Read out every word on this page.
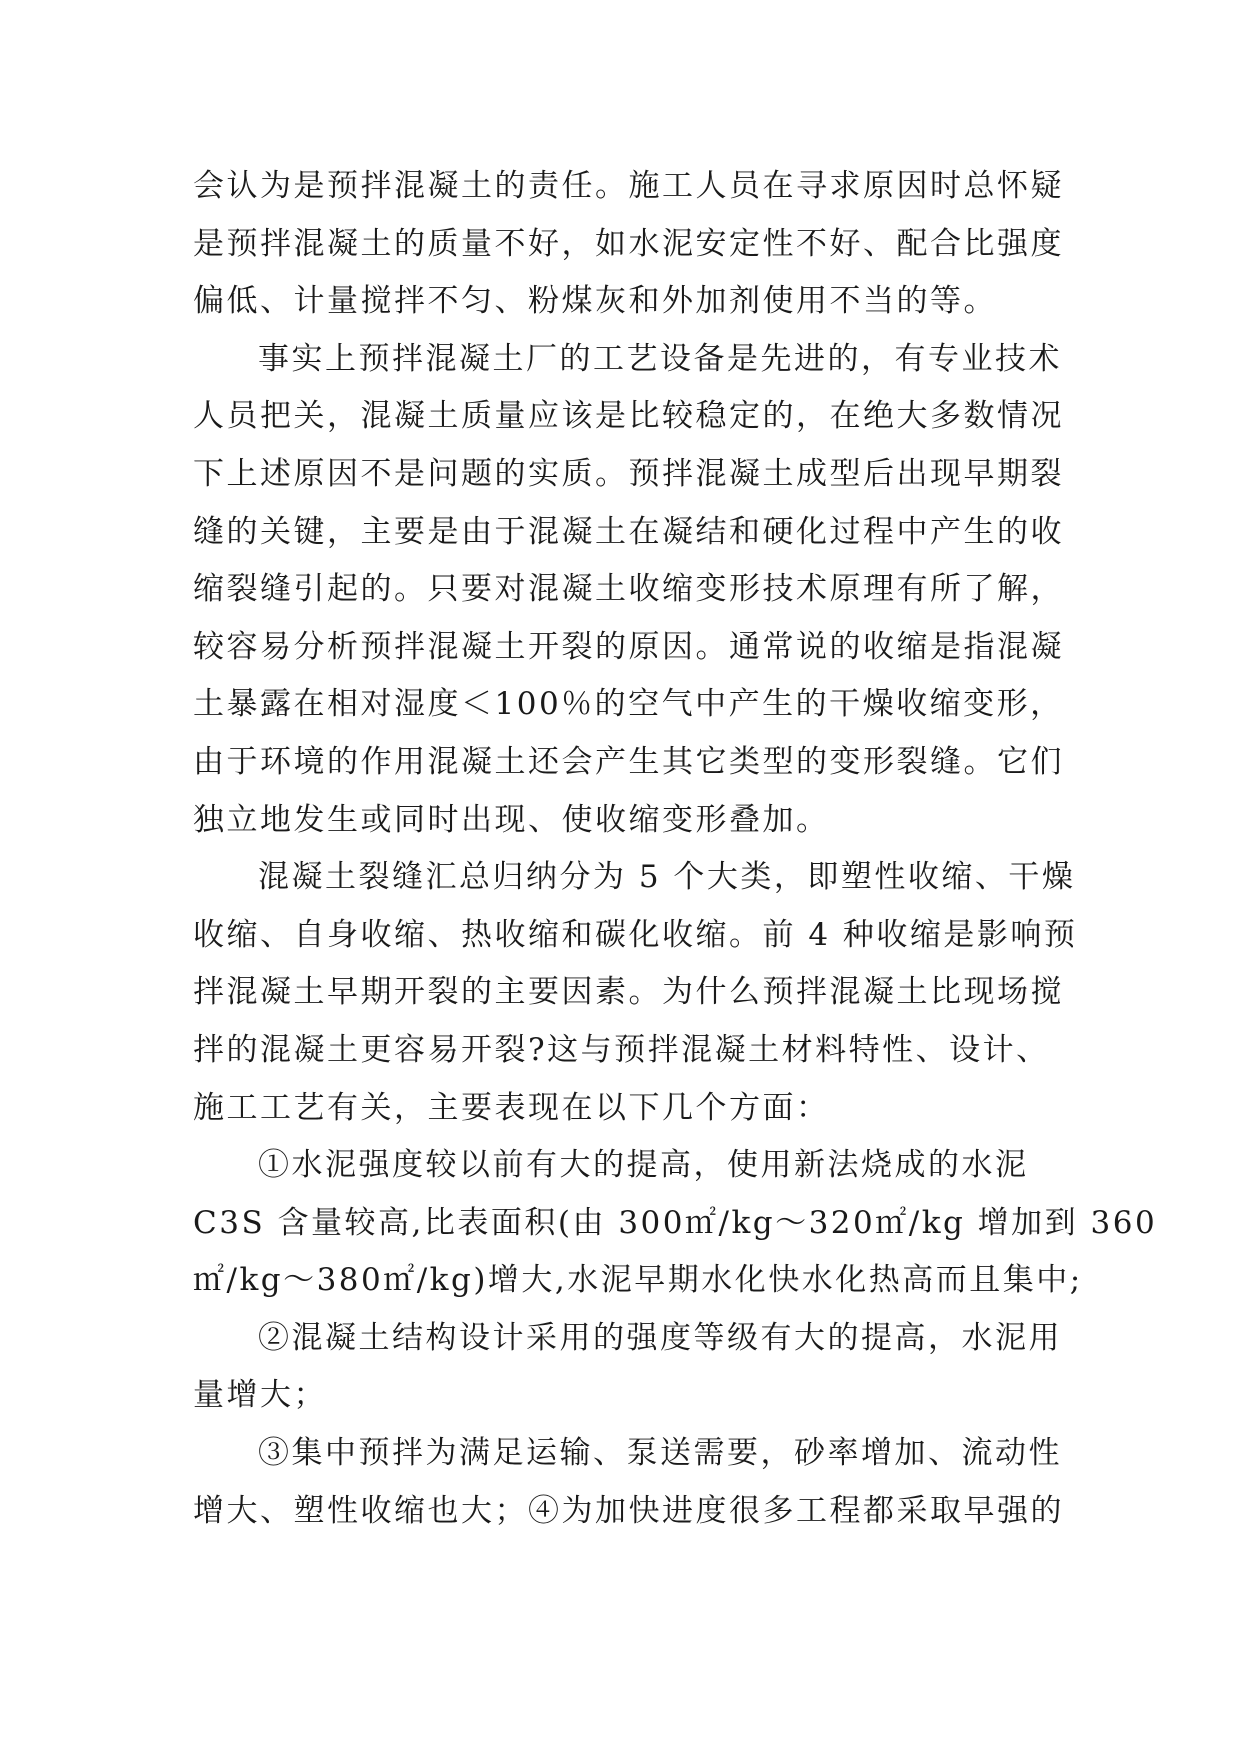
会认为是预拌混凝土的责任。施工人员在寻求原因时总怀疑
是预拌混凝土的质量不好，如水泥安定性不好、配合比强度
偏低、计量搅拌不匀、粉煤灰和外加剂使用不当的等。
事实上预拌混凝土厂的工艺设备是先进的，有专业技术
人员把关，混凝土质量应该是比较稳定的，在绝大多数情况
下上述原因不是问题的实质。预拌混凝土成型后出现早期裂
缝的关键，主要是由于混凝土在凝结和硬化过程中产生的收
缩裂缝引起的。只要对混凝土收缩变形技术原理有所了解，
较容易分析预拌混凝土开裂的原因。通常说的收缩是指混凝
土暴露在相对湿度＜100％的空气中产生的干燥收缩变形，
由于环境的作用混凝土还会产生其它类型的变形裂缝。它们
独立地发生或同时出现、使收缩变形叠加。
混凝土裂缝汇总归纳分为 5 个大类，即塑性收缩、干燥
收缩、自身收缩、热收缩和碳化收缩。前 4 种收缩是影响预
拌混凝土早期开裂的主要因素。为什么预拌混凝土比现场搅
拌的混凝土更容易开裂?这与预拌混凝土材料特性、设计、
施工工艺有关，主要表现在以下几个方面：
①水泥强度较以前有大的提高，使用新法烧成的水泥
C3S 含量较高,比表面积(由 300㎡/kg～320㎡/kg 增加到 360
㎡/kg～380㎡/kg)增大,水泥早期水化快水化热高而且集中;
②混凝土结构设计采用的强度等级有大的提高，水泥用
量增大；
③集中预拌为满足运输、泵送需要，砂率增加、流动性
增大、塑性收缩也大；④为加快进度很多工程都采取早强的
